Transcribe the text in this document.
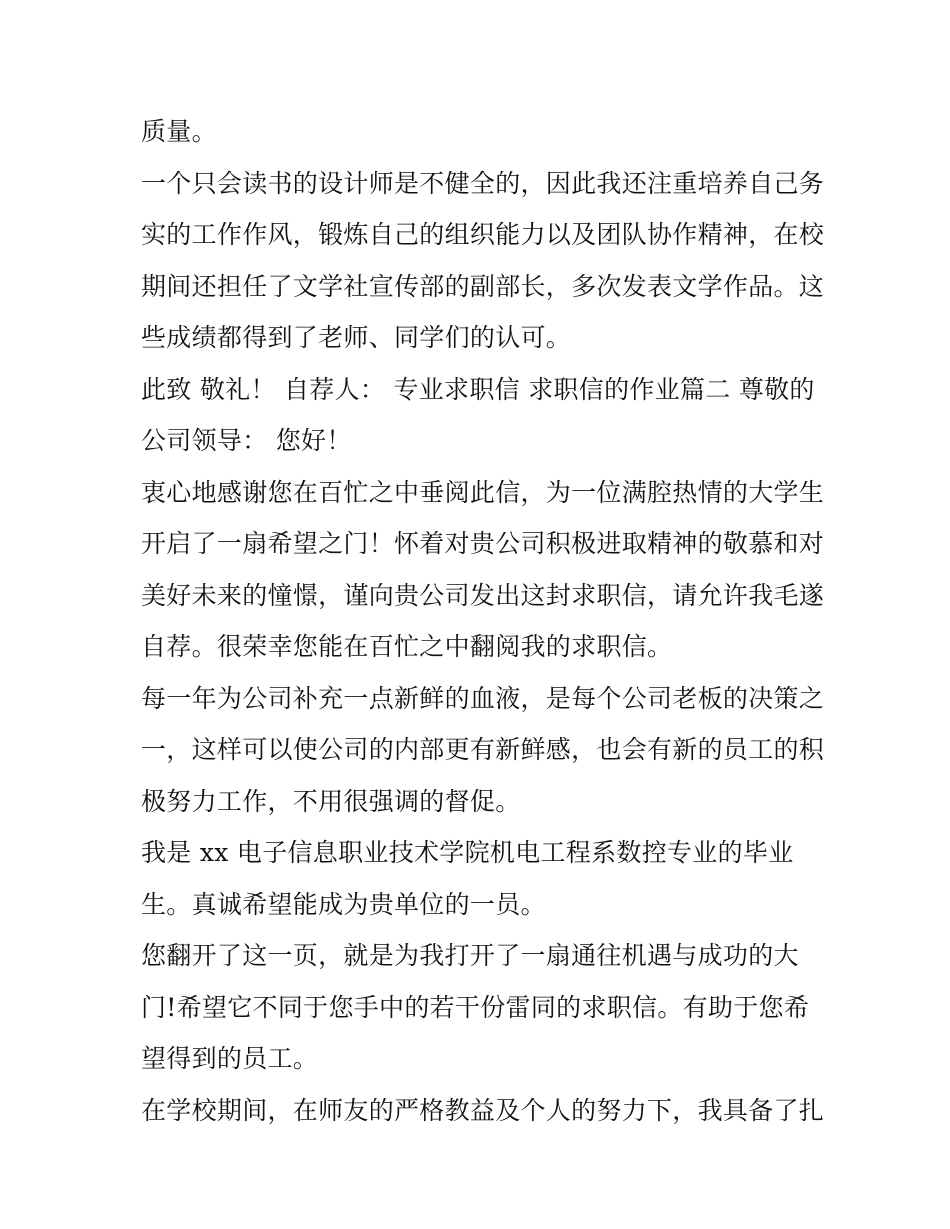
质量。
一个只会读书的设计师是不健全的，因此我还注重培养自己务
实的工作作风，锻炼自己的组织能力以及团队协作精神，在校
期间还担任了文学社宣传部的副部长，多次发表文学作品。这
些成绩都得到了老师、同学们的认可。
此致 敬礼！ 自荐人： 专业求职信 求职信的作业篇二 尊敬的
公司领导： 您好！
衷心地感谢您在百忙之中垂阅此信，为一位满腔热情的大学生
开启了一扇希望之门！怀着对贵公司积极进取精神的敬慕和对
美好未来的憧憬，谨向贵公司发出这封求职信，请允许我毛遂
自荐。很荣幸您能在百忙之中翻阅我的求职信。
每一年为公司补充一点新鲜的血液，是每个公司老板的决策之
一，这样可以使公司的内部更有新鲜感，也会有新的员工的积
极努力工作，不用很强调的督促。
我是 xx 电子信息职业技术学院机电工程系数控专业的毕业
生。真诚希望能成为贵单位的一员。
您翻开了这一页，就是为我打开了一扇通往机遇与成功的大
门!希望它不同于您手中的若干份雷同的求职信。有助于您希
望得到的员工。
在学校期间，在师友的严格教益及个人的努力下，我具备了扎
